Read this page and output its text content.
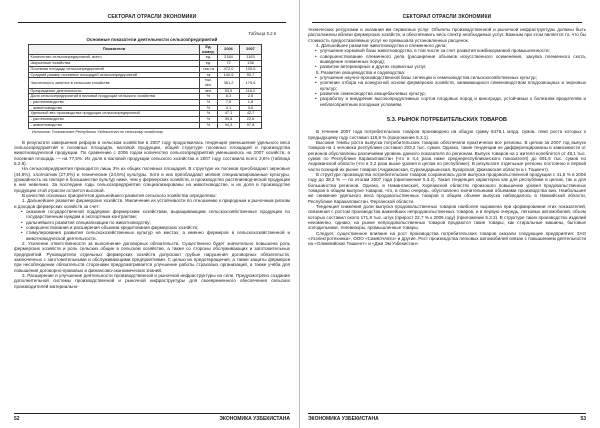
СЕКТОРАЛ ОТРАСЛИ ЭКОНОМИКИ
Таблица 5.2.6
Основные показатели деятельности сельхозпредприятий
Показатели	Ед. измер.	2006	2007
Количество сельхозпредприятий, всего	ед.	2184	1163
Ширкатные хозяйства	ед.	72	138
Посевная площадь сельхозпредприятий	тыс.га	472,0	105,5
Средний размер посевных площадей сельхозпредприятий	га	140,5	90,7
Численность занятых в сельском хозяйстве	тыс. чел.	361,2	175,6
Прекращение деятельности	чел.	53,9	118,0
Доля сельхозпредприятий в валовой продукции сельского хозяйства	%	8,3	2,6
- растениеводство	%	7,5	1,8
- животноводство	%	4,1	3,6
Удельный вес производства продукции сельхозпредприятий	%	47,1	42,7
- растениеводство	%	39,8	22,6
- животноводство	%	94,3	97,8
Источник: Госкомстат Республики Узбекистан по сельскому хозяйству

В результате завершения реформ в сельском хозяйстве в 2007 году продолжилась тенденция уменьшения удельного веса сельхозпредприятий в посевных площадях, валовой продукции, общей структуре посевных площадей и производства животноводческой продукции. По сравнению с 2006 годом количество сельхозпредприятий уменьшилось на 2007 хозяйств, а посевная площадь — на 77,5%. Их доля в валовой продукции сельского хозяйства в 2007 году составила всего 2,6% (таблица 5.2.9).

На сельхозпредприятия приходится лишь 3% из общих посевных площадей. В структуре их посевов преобладают зерновые (44,8%), хлопчатник (27,0%) и технические (24,5%) культуры. Хотя в них преобладают мелкие специализированные культуры, урожайность на гектаре в большинстве культур ниже, чем у фермерских хозяйств, и производство растениеводческой продукции в них невелико. За последние годы сельхозпредприятия специализированы на животноводстве, и их доля в производстве продукции этой отрасли остается высокой.

В качестве основных приоритетов дальнейшего развития сельского хозяйства определены:

1. Дальнейшее развитие фермерских хозяйств. Увеличение их устойчивости по отношению к природным и рыночным рискам и доходов фермерских хозяйств за счет:

• оказания государственной поддержки фермерским хозяйствам, выращивающим сельскохозяйственные продукции по государственным нуждам и экспортным контрактам;
• дальнейшего развития специализации по животноводству;
• совершенствования и расширения объемов кредитования фермерских хозяйств;
• стимулирования развития сельскохозяйственных культур на местах, а именно фермеров в сельскохозяйственной и животноводческой деятельности.

2. Усиление ответственности за выполнение договорных обязательств. Существенно будет значительно повышена роль фермерских хозяйств и роль сельских общин в сельском хозяйстве, а также со стороны обслуживающих и заготовительных предприятий. Руководители отдельных фермерских хозяйств допускают грубые нарушения договорных обязательств, заключенных с заготовительными и обслуживающими предприятиями. С целью их предотвращения, а также защиты фермеров при несоблюдении обязательств сторонами предусматривается улучшение работы страховых организаций, а также учёба для повышения договорно-правовых и финансово-экономических знаний.

3. Расширение и улучшение деятельности производственной и рыночной инфраструктуры на селе. Предусмотрено создание дополнительной системы производственной и рыночной инфраструктуры для своевременного обеспечения сельских производителей материально-

52	ЭКОНОМИКА УЗБЕКИСТАНА
СЕКТОРАЛ ОТРАСЛИ ЭКОНОМИКИ

технических ресурсами и оказания им сервисных услуг. Объекты производственной и рыночной инфраструктуры должны быть расположены вблизи фермерских хозяйств, и обеспечивать весь спектр необходимых услуг. Важным при этом является то, что бы стоимость предоставляемых услуг не превышала установленных расценок.

4. Дальнейшее развитие животноводства и племенного дела:

• улучшение кормовой базы животноводства, в том числе за счет развития комбикормовой промышленности;
• совершенствование племенного дела (расширение объемов искусственного осеменения, закупка племенного скота, выведение племенных пород);
• развитие ветеринарных и других сервисных услуг.

5. Развитие овощеводства и садоводства:

• улучшение научно-производственной базы селекции и семеноводства сельскохозяйственных культур;
• усиление отбора на конкурсной основе фермерских хозяйств, занимающихся семеноводством плодоовощных и зерновых культур;
• развитие семеноводства овощебахчевых культур;
• разработку и внедрение высокопродуктивных сортов плодовых пород и винограда, устойчивых к болезням вредителям и неблагоприятным погодным условиям.
5.3. РЫНОК ПОТРЕБИТЕЛЬСКИХ ТОВАРОВ

В течение 2007 года потребительских товаров произведено на общую сумму 5478,1 млрд. сумов, темп роста которых к предыдущему году составил 118,8 % (приложение 5.3.1).

Высокие темпы роста выпуска потребительских товаров обеспечили практически все регионы. В целом за 2007 год выпуск товаров на 1 человека республики составил 203,2 тыс. сумов. Однако, такие тенденции не дифференцированы в зависимости от регионов обусловлены различиями уровень данного показателя по регионам. Выпуск товаров на 1 жителя колеблется от 48,1 тыс. сумов по Республике Каракалпакстан (что в 4,4 раза ниже среднереспубликанского показателя) до 691,6 тыс. сумов по Андижанской области (что в 3,2 раза выше уровня в целом по республике). В результате отдельные регионы постоянно в первой части позиций их рынке товаров (Андижанская, Сурхандарьинская, Бухарская, Джизакская области и г. Ташкент).

В структуре производства потребительских товаров сохранилась доля выпуска продовольственной продукции с 41,5 % в 2006 году до 38,2 % — по итогам 2007 года (приложение 5.3.2). Такая тенденция характерна как для республики в целом, так и для большинства регионов. Однако, в Наманганской, Хорезмской областях произошло повышение уровня продовольственных товаров в общем выпуске товаров, что, в свою очередь, обусловлено значительными объемами производства вин. Наибольшее же снижение удельного веса продовольственных товаров в общем объеме выпуска наблюдалось в Навоийской области, Республике Каракалпакстан, Ферганской области.

Тенденция снижения доли выпуска продовольственных товаров наиболее выражена при формировании этих показателей, связанная с ростом производства важнейших непродовольственных товаров, и в первую очередь, легковых автомобилей, объем которых составил около 171,8 тыс. штук (прирост 22,7 % к 2006 году) (приложение 5.3.3). В структуре таких производство изделий неизменно, однако, на рынке непродовольственных товаров продаются такие товары, как стиральные машины, бытовые холодильники, телевизоры, промышленные товары.

Следует, существенное влияние на рост производства потребительских товаров оказали следующие предприятия: ЗАО «Узэлектротехника», ООО «СамКочАвто» и другие. Рост производства легковых автомобилей связан с повышением деятельности на «Олимпийских Ташкент» и «Джи Эм Узбекистан».

ЭКОНОМИКА УЗБЕКИСТАНА	53
